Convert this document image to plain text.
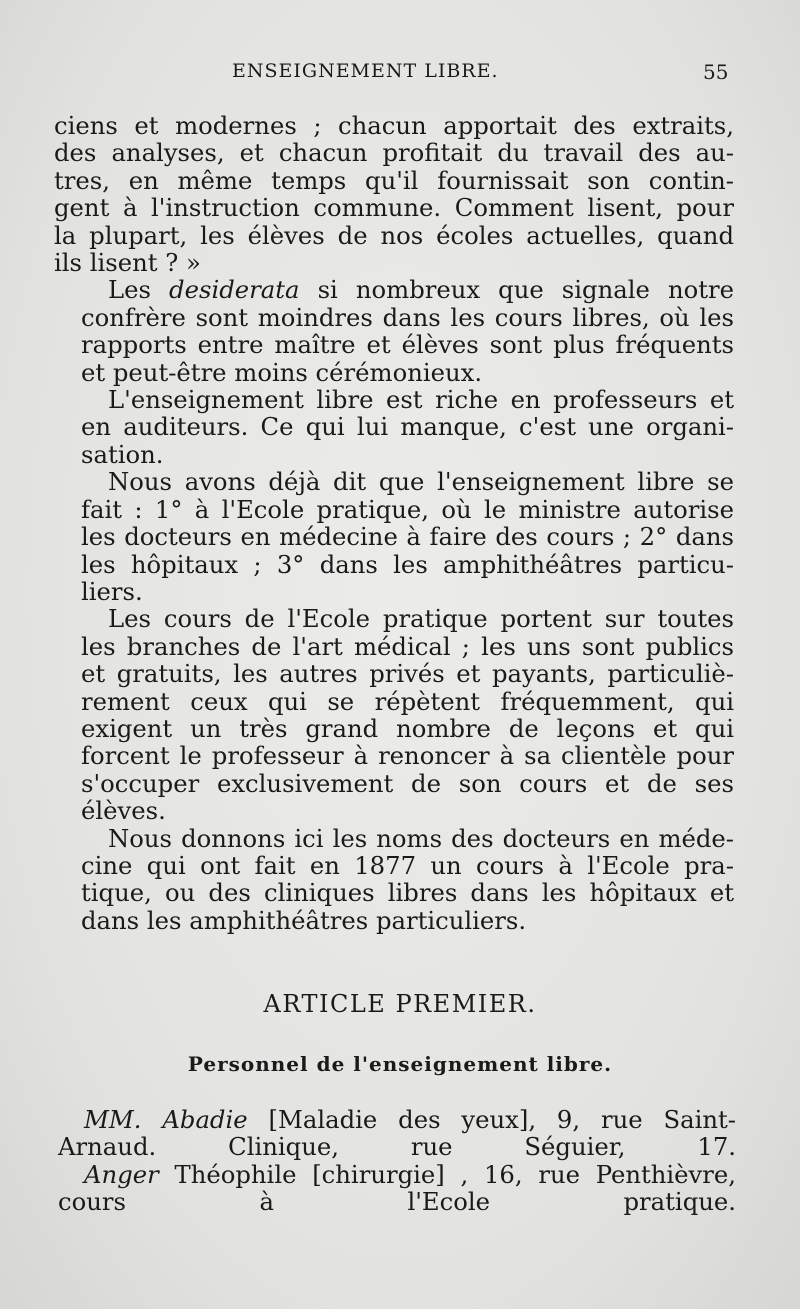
ENSEIGNEMENT LIBRE.	55

ciens et modernes ; chacun apportait des extraits,
des analyses, et chacun profitait du travail des au-
tres, en même temps qu'il fournissait son contin-
gent à l'instruction commune. Comment lisent, pour
la plupart, les élèves de nos écoles actuelles, quand
ils lisent ? »

Les desiderata si nombreux que signale notre
confrère sont moindres dans les cours libres, où les
rapports entre maître et élèves sont plus fréquents
et peut-être moins cérémonieux.

L'enseignement libre est riche en professeurs et
en auditeurs. Ce qui lui manque, c'est une organi-
sation.

Nous avons déjà dit que l'enseignement libre se
fait : 1° à l'Ecole pratique, où le ministre autorise
les docteurs en médecine à faire des cours ; 2° dans
les hôpitaux ; 3° dans les amphithéâtres particu-
liers.

Les cours de l'Ecole pratique portent sur toutes
les branches de l'art médical ; les uns sont publics
et gratuits, les autres privés et payants, particuliè-
rement ceux qui se répètent fréquemment, qui
exigent un très grand nombre de leçons et qui
forcent le professeur à renoncer à sa clientèle pour
s'occuper exclusivement de son cours et de ses
élèves.

Nous donnons ici les noms des docteurs en méde-
cine qui ont fait en 1877 un cours à l'Ecole pra-
tique, ou des cliniques libres dans les hôpitaux et
dans les amphithéâtres particuliers.

ARTICLE PREMIER.
Personnel de l'enseignement libre.
MM. Abadie [Maladie des yeux], 9, rue Saint-
Arnaud. Clinique, rue Séguier, 17.
Anger Théophile [chirurgie] , 16, rue Penthièvre,
cours à l'Ecole pratique.
